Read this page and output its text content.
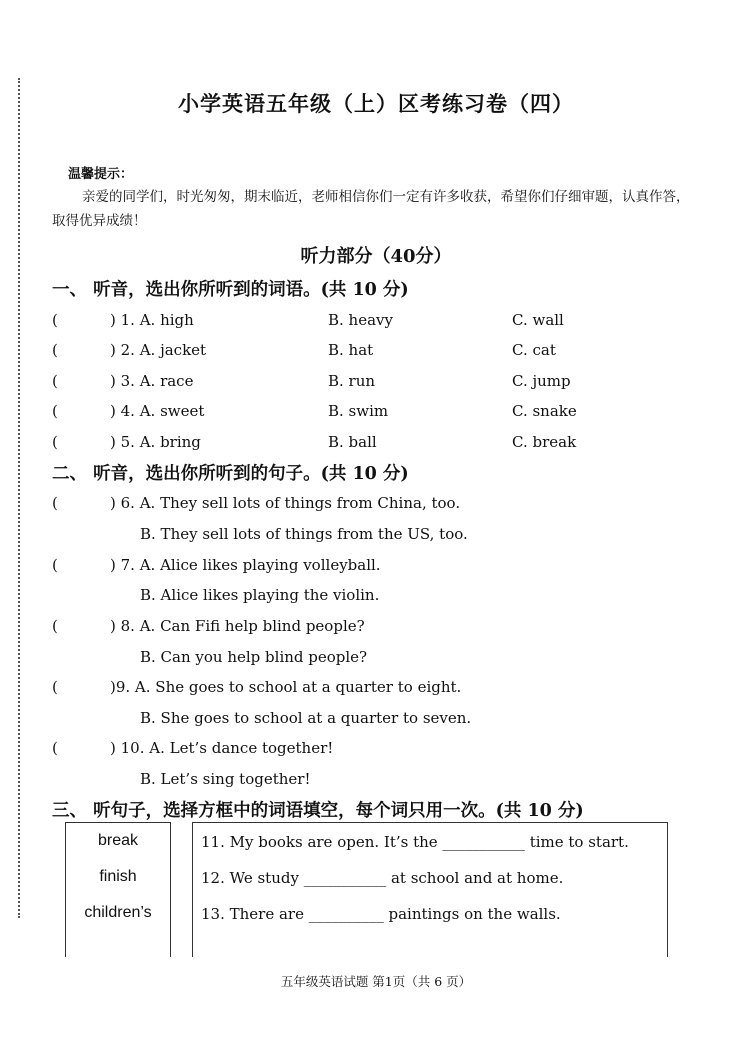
小学英语五年级（上）区考练习卷（四）
温馨提示：
亲爱的同学们，时光匆匆，期末临近，老师相信你们一定有许多收获，希望你们仔细审题，认真作答，取得优异成绩！
听力部分（40分）
一、 听音，选出你所听到的词语。(共 10 分)
(	) 1. A. high	B. heavy	C. wall
(	) 2. A. jacket	B. hat	C. cat
(	) 3. A. race	B. run	C. jump
(	) 4. A. sweet	B. swim	C. snake
(	) 5. A. bring	B. ball	C. break
二、 听音，选出你所听到的句子。(共 10 分)
(	) 6. A. They sell lots of things from China, too.
B. They sell lots of things from the US, too.
(	) 7. A. Alice likes playing volleyball.
B. Alice likes playing the violin.
(	) 8. A. Can Fifi help blind people?
B. Can you help blind people?
(	)9. A. She goes to school at a quarter to eight.
B. She goes to school at a quarter to seven.
(	) 10. A. Let’s dance together!
B. Let’s sing together!
三、 听句子，选择方框中的词语填空，每个词只用一次。(共 10 分)
break
finish
children’s
11. My books are open. It’s the ___________ time to start.
12. We study ___________ at school and at home.
13. There are __________ paintings on the walls.
五年级英语试题 第1页（共 6 页）
